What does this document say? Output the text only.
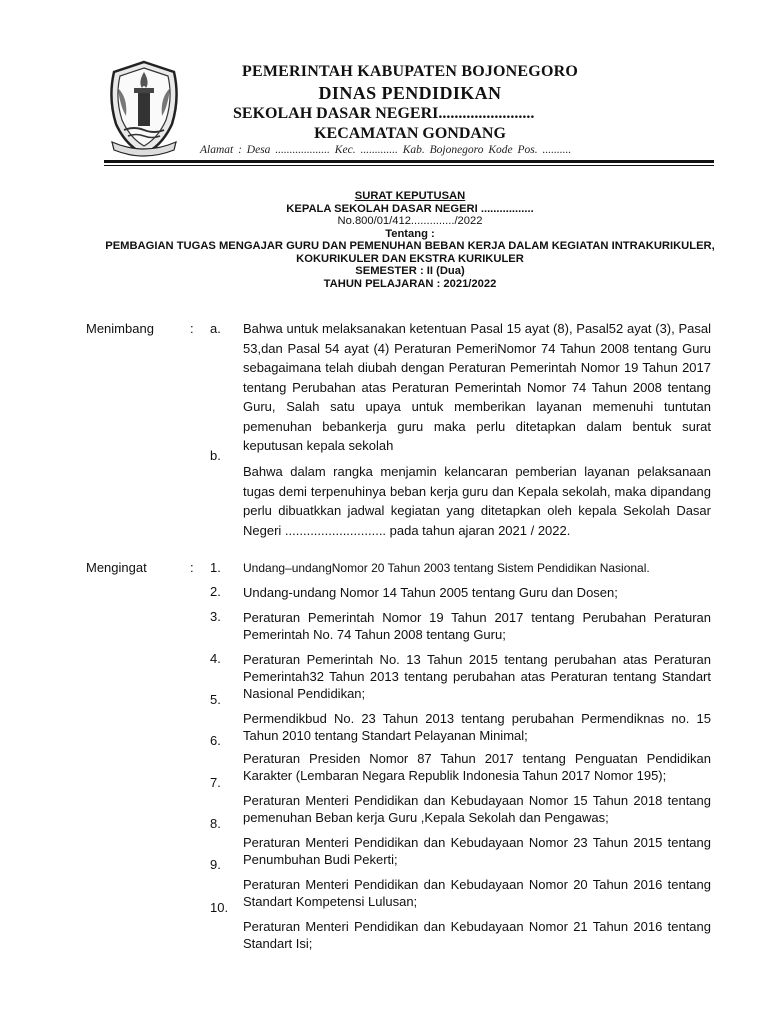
PEMERINTAH KABUPATEN BOJONEGORO
DINAS PENDIDIKAN
SEKOLAH DASAR NEGERI........................
KECAMATAN GONDANG
Alamat : Desa ................... Kec. ............. Kab. Bojonegoro Kode Pos. ..........
SURAT KEPUTUSAN
KEPALA SEKOLAH DASAR NEGERI .................
No.800/01/412............../2022
Tentang :
PEMBAGIAN TUGAS MENGAJAR GURU DAN PEMENUHAN BEBAN KERJA DALAM KEGIATAN INTRAKURIKULER,
KOKURIKULER DAN EKSTRA KURIKULER
SEMESTER : II (Dua)
TAHUN PELAJARAN : 2021/2022
Menimbang	: a. Bahwa untuk melaksanakan ketentuan Pasal 15 ayat (8), Pasal52 ayat (3), Pasal 53,dan Pasal 54 ayat (4) Peraturan PemeriNomor 74 Tahun 2008 tentang Guru sebagaimana telah diubah dengan Peraturan Pemerintah Nomor 19 Tahun 2017 tentang Perubahan atas Peraturan Pemerintah Nomor 74 Tahun 2008 tentang Guru, Salah satu upaya untuk memberikan layanan memenuhi tuntutan pemenuhan bebankerja guru maka perlu ditetapkan dalam bentuk surat keputusan kepala sekolah
b.
Bahwa dalam rangka menjamin kelancaran pemberian layanan pelaksanaan tugas demi terpenuhinya beban kerja guru dan Kepala sekolah, maka dipandang perlu dibuatkkan jadwal kegiatan yang ditetapkan oleh kepala Sekolah Dasar Negeri ............................ pada tahun ajaran 2021 / 2022.
Mengingat	: 1. Undang–undangNomor 20 Tahun 2003 tentang Sistem Pendidikan Nasional.
2. Undang-undang Nomor 14 Tahun 2005 tentang Guru dan Dosen;
3. Peraturan Pemerintah Nomor 19 Tahun 2017 tentang Perubahan Peraturan Pemerintah No. 74 Tahun 2008 tentang Guru;
4. Peraturan Pemerintah No. 13 Tahun 2015 tentang perubahan atas Peraturan Pemerintah32 Tahun 2013 tentang perubahan atas Peraturan tentang Standart Nasional Pendidikan;
5.
Permendikbud No. 23 Tahun 2013 tentang perubahan Permendiknas no. 15 Tahun 2010 tentang Standart Pelayanan Minimal;
6.
Peraturan Presiden Nomor 87 Tahun 2017 tentang Penguatan Pendidikan Karakter (Lembaran Negara Republik Indonesia Tahun 2017 Nomor 195);
7.
Peraturan Menteri Pendidikan dan Kebudayaan Nomor 15 Tahun 2018 tentang pemenuhan Beban kerja Guru ,Kepala Sekolah dan Pengawas;
8.
Peraturan Menteri Pendidikan dan Kebudayaan Nomor 23 Tahun 2015 tentang Penumbuhan Budi Pekerti;
9.
Peraturan Menteri Pendidikan dan Kebudayaan Nomor 20 Tahun 2016 tentang Standart Kompetensi Lulusan;
10.
Peraturan Menteri Pendidikan dan Kebudayaan Nomor 21 Tahun 2016 tentang Standart Isi;
